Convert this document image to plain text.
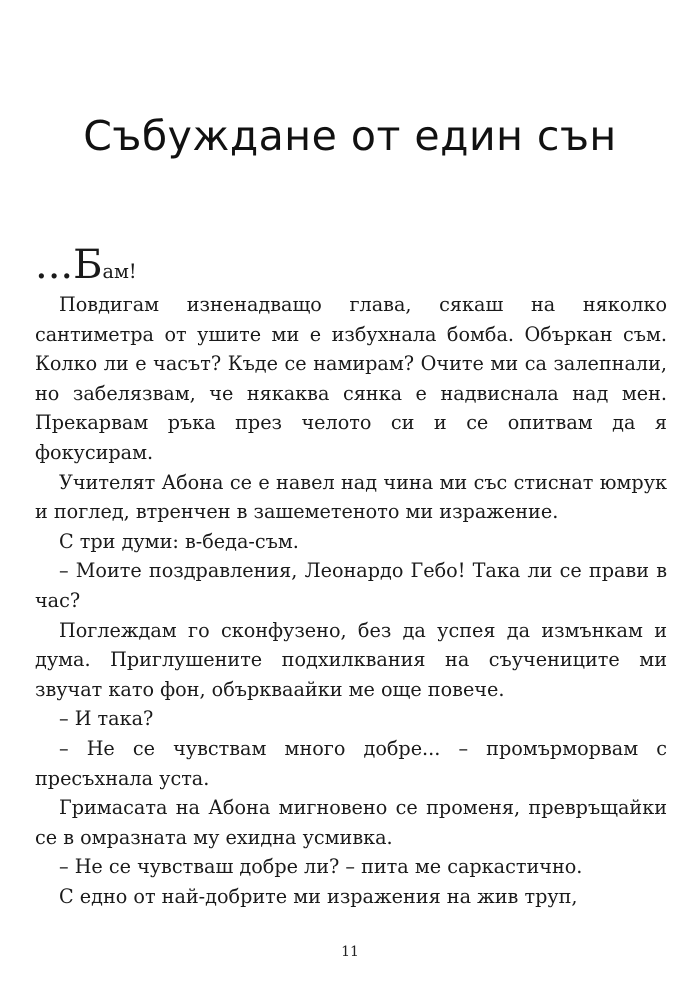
Събуждане от един сън

...Бам!

Повдигам изненадващо глава, сякаш на няколко сантиметра от ушите ми е избухнала бомба. Объркан съм. Колко ли е часът? Къде се намирам? Очите ми са залепнали, но забелязвам, че някаква сянка е надвиснала над мен. Прекарвам ръка през челото си и се опитвам да я фокусирам.

Учителят Абона се е навел над чина ми със стиснат юмрук и поглед, втренчен в зашеметеното ми изражение.

С три думи: в-беда-съм.

– Моите поздравления, Леонардо Гебо! Така ли се прави в час?

Поглеждам го сконфузено, без да успея да измънкам и дума. Приглушените подхилквания на съучениците ми звучат като фон, объркваайки ме още повече.

– И така?

– Не се чувствам много добре... – промърморвам с пресъхнала уста.

Гримасата на Абона мигновено се променя, превръщайки се в омразната му ехидна усмивка.

– Не се чувстваш добре ли? – пита ме саркастично.

С едно от най-добрите ми изражения на жив труп,

11
